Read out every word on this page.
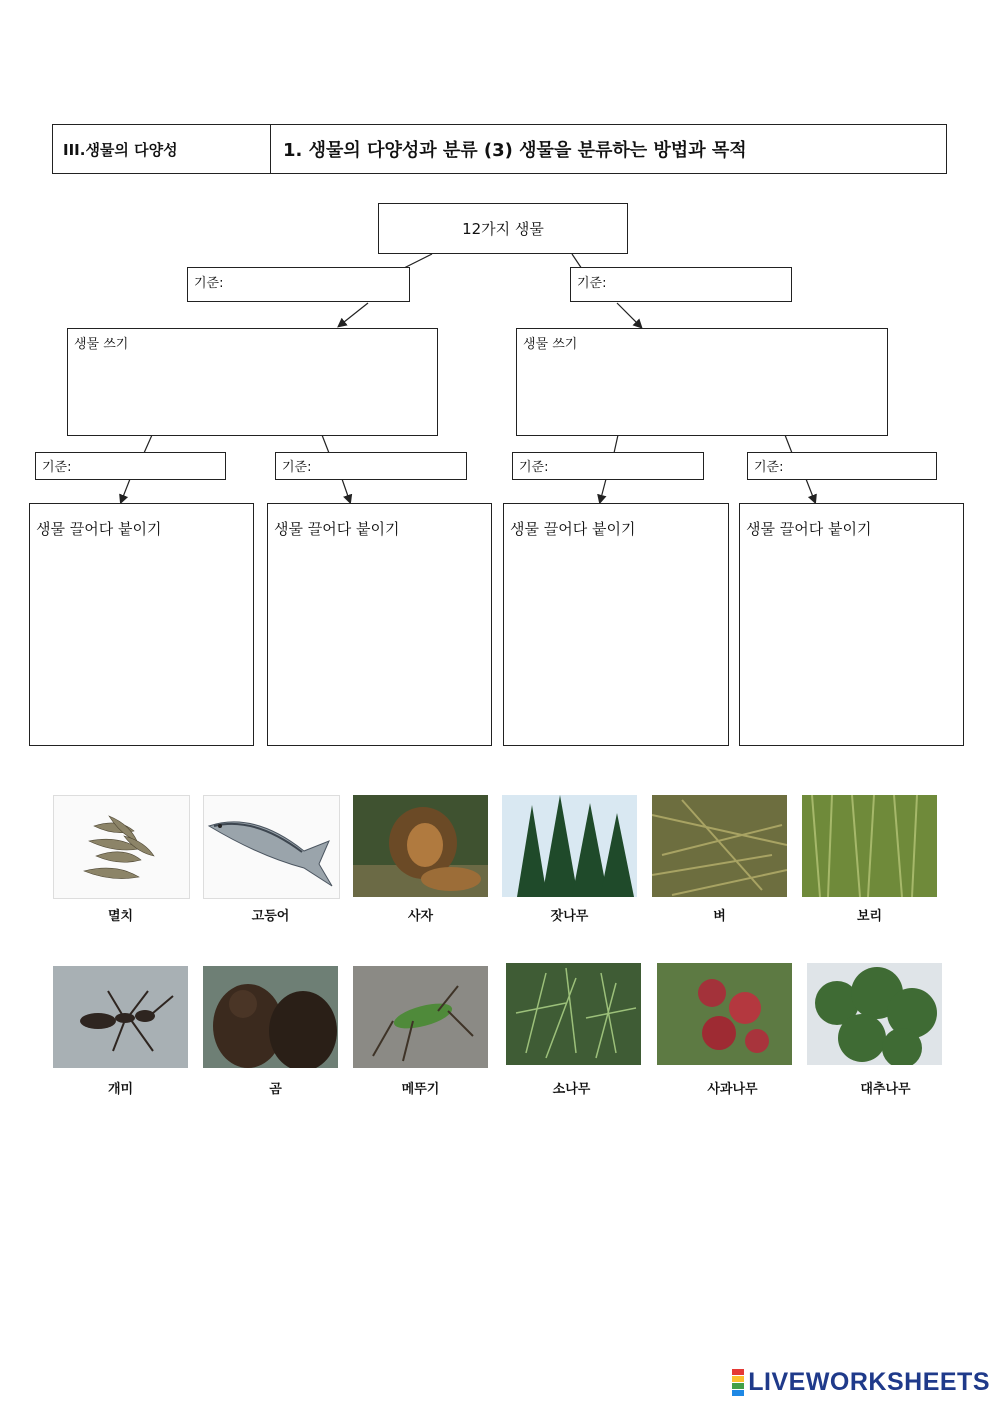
III.생물의 다양성	1. 생물의 다양성과 분류 (3) 생물을 분류하는 방법과 목적
12가지 생물
기준:	기준:
생물 쓰기	생물 쓰기
기준:	기준:	기준:	기준:
생물 끌어다 붙이기	생물 끌어다 붙이기	생물 끌어다 붙이기	생물 끌어다 붙이기
멸치	고등어	사자	잣나무	벼	보리
개미	곰	메뚜기	소나무	사과나무	대추나무
LIVEWORKSHEETS
